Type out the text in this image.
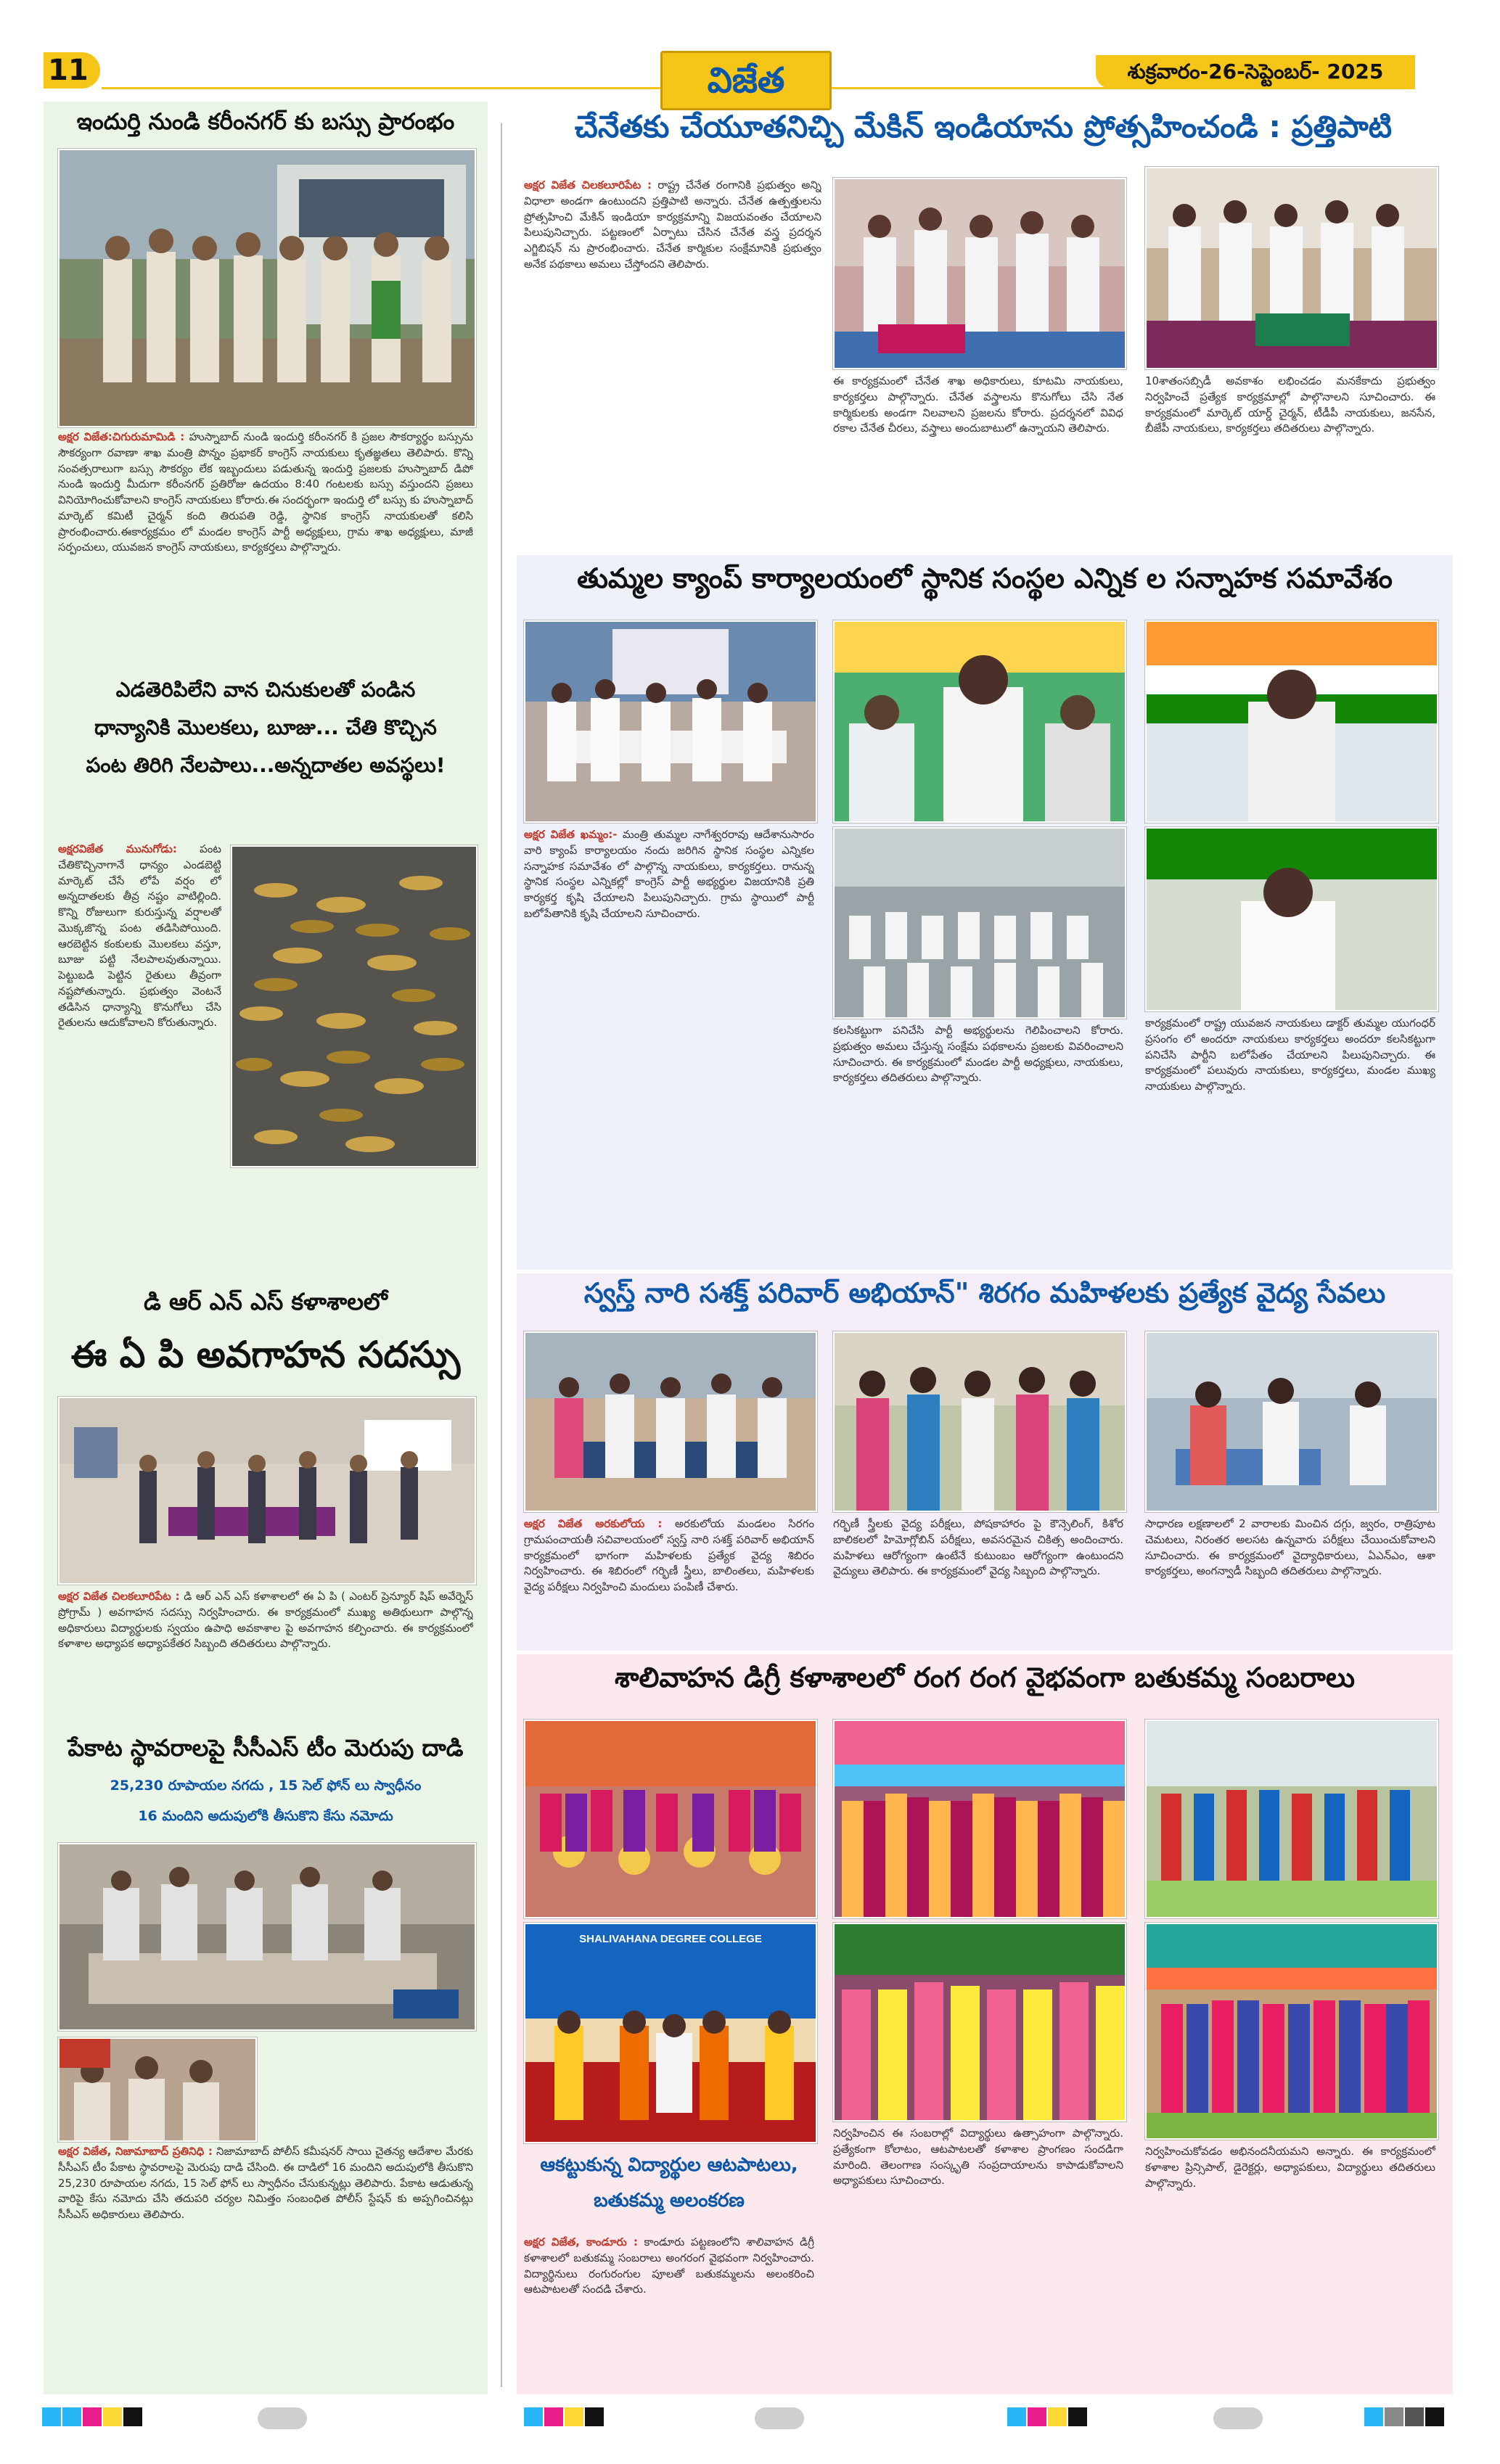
11	విజేత	శుక్రవారం-26-సెప్టెంబర్- 2025
ఇందుర్తి నుండి కరీంనగర్ కు బస్సు ప్రారంభం
అక్షర విజేత:చిగురుమామిడి : హుస్నాబాద్ నుండి ఇందుర్తి కరీంనగర్ కి ప్రజల సౌకర్యార్థం బస్సును సౌకర్యంగా రవాణా శాఖ మంత్రి పొన్నం ప్రభాకర్ కాంగ్రెస్ నాయకులు కృతజ్ఞతలు తెలిపారు. కొన్ని సంవత్సరాలుగా బస్సు సౌకర్యం లేక ఇబ్బందులు పడుతున్న ఇందుర్తి ప్రజలకు హుస్నాబాద్ డిపో నుండి ఇందుర్తి మీదుగా కరీంనగర్ ప్రతిరోజు ఉదయం 8:40 గంటలకు బస్సు వస్తుందని ప్రజలు వినియోగించుకోవాలని కాంగ్రెస్ నాయకులు కోరారు.ఈ సందర్భంగా ఇందుర్తి లో బస్సు కు హుస్నాబాద్ మార్కెట్ కమిటీ చైర్మన్ కంది తిరుపతి రెడ్డి, స్థానిక కాంగ్రెస్ నాయకులతో కలిసి ప్రారంభించారు.ఈకార్యక్రమం లో మండల కాంగ్రెస్ పార్టీ అధ్యక్షులు, గ్రామ శాఖ అధ్యక్షులు, మాజీ సర్పంచులు, యువజన కాంగ్రెస్ నాయకులు, కార్యకర్తలు పాల్గొన్నారు.
ఎడతెరిపిలేని వాన చినుకులతో పండిన
ధాన్యానికి మొలకలు, బూజు... చేతి కొచ్చిన
పంట తిరిగి నేలపాలు...అన్నదాతల అవస్థలు!
అక్షరవిజేత మునుగోడు: పంట చేతికొచ్చినాగానే ధాన్యం ఎండబెట్టి మార్కెట్ చేసే లోపే వర్షం లో అన్నదాతలకు తీవ్ర నష్టం వాటిల్లింది. కొన్ని రోజులుగా కురుస్తున్న వర్షాలతో మొక్కజొన్న పంట తడిసిపోయింది. ఆరబెట్టిన కంకులకు మొలకలు వస్తూ, బూజు పట్టి నేలపాలవుతున్నాయి. పెట్టుబడి పెట్టిన రైతులు తీవ్రంగా నష్టపోతున్నారు. ప్రభుత్వం వెంటనే తడిసిన ధాన్యాన్ని కొనుగోలు చేసి రైతులను ఆదుకోవాలని కోరుతున్నారు.
డి ఆర్ ఎన్ ఎస్ కళాశాలలో
ఈ ఏ పి అవగాహన సదస్సు
అక్షర విజేత చిలకలూరిపేట : డి ఆర్ ఎన్ ఎస్ కళాశాలలో ఈ ఏ పి ( ఎంటర్ ప్రెన్యూర్ షిప్ అవేర్నెస్ ప్రోగ్రామ్ ) అవగాహన సదస్సు నిర్వహించారు. ఈ కార్యక్రమంలో ముఖ్య అతిథులుగా పాల్గొన్న అధికారులు విద్యార్థులకు స్వయం ఉపాధి అవకాశాల పై అవగాహన కల్పించారు. ఈ కార్యక్రమంలో కళాశాల అధ్యాపక అధ్యాపకేతర సిబ్బంది తదితరులు పాల్గొన్నారు.
పేకాట స్థావరాలపై సీసీఎస్ టీం మెరుపు దాడి
25,230 రూపాయల నగదు , 15 సెల్ ఫోన్ లు స్వాధీనం
16 మందిని అదుపులోకి తీసుకొని కేసు నమోదు
అక్షర విజేత, నిజామాబాద్ ప్రతినిధి : నిజామాబాద్ పోలీస్ కమీషనర్ సాయి చైతన్య ఆదేశాల మేరకు సీసీఎస్ టీం పేకాట స్థావరాలపై మెరుపు దాడి చేసింది. ఈ దాడిలో 16 మందిని అదుపులోకి తీసుకొని 25,230 రూపాయల నగదు, 15 సెల్ ఫోన్ లు స్వాధీనం చేసుకున్నట్లు తెలిపారు. పేకాట ఆడుతున్న వారిపై కేసు నమోదు చేసి తదుపరి చర్యల నిమిత్తం సంబంధిత పోలీస్ స్టేషన్ కు అప్పగించినట్లు సీసీఎస్ అధికారులు తెలిపారు.
చేనేతకు చేయూతనిచ్చి మేకిన్ ఇండియాను ప్రోత్సహించండి : ప్రత్తిపాటి
అక్షర విజేత చిలకలూరిపేట : రాష్ట్ర చేనేత రంగానికి ప్రభుత్వం అన్ని విధాలా అండగా ఉంటుందని ప్రత్తిపాటి అన్నారు. చేనేత ఉత్పత్తులను ప్రోత్సహించి మేకిన్ ఇండియా కార్యక్రమాన్ని విజయవంతం చేయాలని పిలుపునిచ్చారు. పట్టణంలో ఏర్పాటు చేసిన చేనేత వస్త్ర ప్రదర్శన ఎగ్జిబిషన్ ను ప్రారంభించారు. చేనేత కార్మికుల సంక్షేమానికి ప్రభుత్వం అనేక పథకాలు అమలు చేస్తోందని తెలిపారు.
ఈ కార్యక్రమంలో చేనేత శాఖ అధికారులు, కూటమి నాయకులు, కార్యకర్తలు పాల్గొన్నారు. చేనేత వస్త్రాలను కొనుగోలు చేసి నేత కార్మికులకు అండగా నిలవాలని ప్రజలను కోరారు. ప్రదర్శనలో వివిధ రకాల చేనేత చీరలు, వస్త్రాలు అందుబాటులో ఉన్నాయని తెలిపారు.
10శాతంసబ్సిడీ అవకాశం లభించడం మనకేకాదు ప్రభుత్వం నిర్వహించే ప్రత్యేక కార్యక్రమాల్లో పాల్గొనాలని సూచించారు. ఈ కార్యక్రమంలో మార్కెట్ యార్డ్ చైర్మన్, టీడీపీ నాయకులు, జనసేన, బీజేపీ నాయకులు, కార్యకర్తలు తదితరులు పాల్గొన్నారు.
తుమ్మల క్యాంప్ కార్యాలయంలో స్థానిక సంస్థల ఎన్నిక ల సన్నాహక సమావేశం
అక్షర విజేత ఖమ్మం:- మంత్రి తుమ్మల నాగేశ్వరరావు ఆదేశానుసారం వారి క్యాంప్ కార్యాలయం నందు జరిగిన స్థానిక సంస్థల ఎన్నికల సన్నాహక సమావేశం లో పాల్గొన్న నాయకులు, కార్యకర్తలు. రానున్న స్థానిక సంస్థల ఎన్నికల్లో కాంగ్రెస్ పార్టీ అభ్యర్థుల విజయానికి ప్రతి కార్యకర్త కృషి చేయాలని పిలుపునిచ్చారు. గ్రామ స్థాయిలో పార్టీ బలోపేతానికి కృషి చేయాలని సూచించారు.
కలసికట్టుగా పనిచేసి పార్టీ అభ్యర్థులను గెలిపించాలని కోరారు. ప్రభుత్వం అమలు చేస్తున్న సంక్షేమ పథకాలను ప్రజలకు వివరించాలని సూచించారు. ఈ కార్యక్రమంలో మండల పార్టీ అధ్యక్షులు, నాయకులు, కార్యకర్తలు తదితరులు పాల్గొన్నారు.
కార్యక్రమంలో రాష్ట్ర యువజన నాయకులు డాక్టర్ తుమ్మల యుగంధర్ ప్రసంగం లో అందరూ నాయకులు కార్యకర్తలు అందరూ కలసికట్టుగా పనిచేసి పార్టీని బలోపేతం చేయాలని పిలుపునిచ్చారు. ఈ కార్యక్రమంలో పలువురు నాయకులు, కార్యకర్తలు, మండల ముఖ్య నాయకులు పాల్గొన్నారు.
స్వస్త్ నారి సశక్త్ పరివార్ అభియాన్" శిరగం మహిళలకు ప్రత్యేక వైద్య సేవలు
అక్షర విజేత అరకులోయ : అరకులోయ మండలం సిరగం గ్రామపంచాయతీ సచివాలయంలో స్వస్త్ నారి సశక్త్ పరివార్ అభియాన్ కార్యక్రమంలో భాగంగా మహిళలకు ప్రత్యేక వైద్య శిబిరం నిర్వహించారు. ఈ శిబిరంలో గర్భిణీ స్త్రీలు, బాలింతలు, మహిళలకు వైద్య పరీక్షలు నిర్వహించి మందులు పంపిణీ చేశారు.
గర్భిణీ స్త్రీలకు వైద్య పరీక్షలు, పోషకాహారం పై కౌన్సెలింగ్, కిశోర బాలికలలో హిమోగ్లోబిన్ పరీక్షలు, అవసరమైన చికిత్స అందించారు. మహిళలు ఆరోగ్యంగా ఉంటేనే కుటుంబం ఆరోగ్యంగా ఉంటుందని వైద్యులు తెలిపారు. ఈ కార్యక్రమంలో వైద్య సిబ్బంది పాల్గొన్నారు.
సాధారణ లక్షణాలలో 2 వారాలకు మించిన దగ్గు, జ్వరం, రాత్రిపూట చెమటలు, నిరంతర అలసట ఉన్నవారు పరీక్షలు చేయించుకోవాలని సూచించారు. ఈ కార్యక్రమంలో వైద్యాధికారులు, ఏఎన్ఎం, ఆశా కార్యకర్తలు, అంగన్వాడీ సిబ్బంది తదితరులు పాల్గొన్నారు.
శాలివాహన డిగ్రీ కళాశాలలో రంగ రంగ వైభవంగా బతుకమ్మ సంబరాలు
SHALIVAHANA DEGREE COLLEGE
ఆకట్టుకున్న విద్యార్థుల ఆటపాటలు,
బతుకమ్మ అలంకరణ
అక్షర విజేత, కాండూరు : కాండూరు పట్టణంలోని శాలివాహన డిగ్రీ కళాశాలలో బతుకమ్మ సంబరాలు అంగరంగ వైభవంగా నిర్వహించారు. విద్యార్థినులు రంగురంగుల పూలతో బతుకమ్మలను అలంకరించి ఆటపాటలతో సందడి చేశారు.
నిర్వహించిన ఈ సంబరాల్లో విద్యార్థులు ఉత్సాహంగా పాల్గొన్నారు. ప్రత్యేకంగా కోలాటం, ఆటపాటలతో కళాశాల ప్రాంగణం సందడిగా మారింది. తెలంగాణ సంస్కృతి సంప్రదాయాలను కాపాడుకోవాలని అధ్యాపకులు సూచించారు.
నిర్వహించుకోవడం అభినందనీయమని అన్నారు. ఈ కార్యక్రమంలో కళాశాల ప్రిన్సిపాల్, డైరెక్టర్లు, అధ్యాపకులు, విద్యార్థులు తదితరులు పాల్గొన్నారు.
